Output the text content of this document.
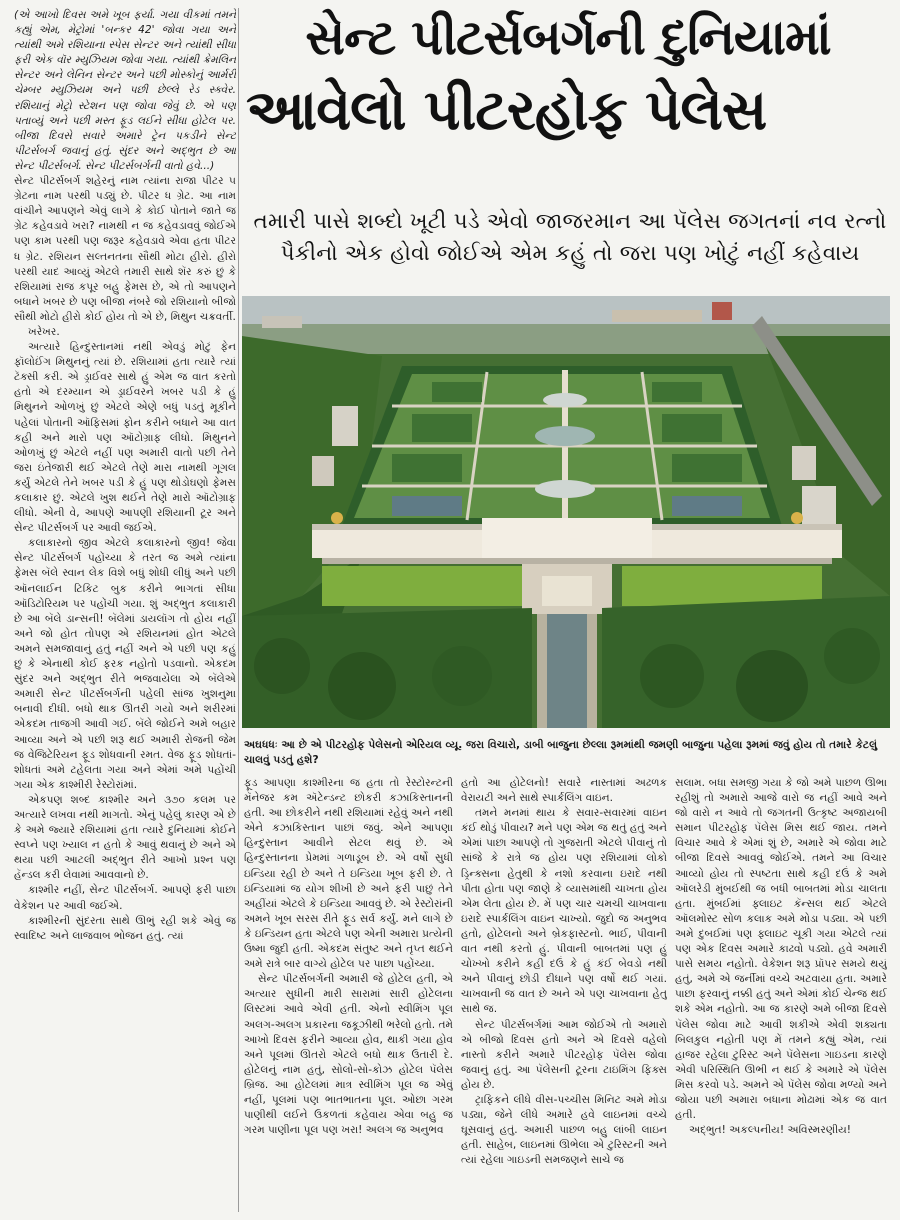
(એ આખો દિવસ અમે ખૂબ ફર્યા. ગયા વીકમાં તમને કહ્યું એમ, મેટ્રોમાં 'બન્કર 42' જોવા ગયા અને ત્યાંથી અમે રશિયાના સ્પેસ સેન્ટર અને ત્યાંથી સીધા ફરી એક વૉર મ્યુઝિયમ જોવા ગયા. ત્યાંથી ક્રેમલિન સેન્ટર અને લેનિન સેન્ટર અને પછી મોસ્કોનું આર્મરી ચેમ્બર મ્યુઝિયમ અને પછી છેલ્લે રેડ સ્ક્વેર. રશિયાનું મેટ્રો સ્ટેશન પણ જોવા જેવું છે. એ પણ પતાવ્યું અને પછી મસ્ત ફૂડ લઈને સીધા હોટેલ પર. બીજા દિવસે સવારે અમારે ટ્રેન પકડીને સેન્ટ પીટર્સબર્ગ જવાનું હતું. સુંદર અને અદ્ભુત છે આ સેન્ટ પીટર્સબર્ગ. સેન્ટ પીટર્સબર્ગની વાતો હવે...)

સેન્ટ પીટર્સબર્ગ શહેરનું નામ ત્યાંના રાજા પીટર ૫ ગ્રેટના નામ પરથી પડ્યું છે. પીટર ધ ગ્રેટ. આ નામ વાંચીને આપણને એવું લાગે કે કોઈ પોતાને જાતે જ ગ્રેટ કહેવડાવે ખરા? નામથી ન જ કહેવડાવવું જોઈએ પણ કામ પરથી પણ જરૂર કહેવડાવે એવા હતા પીટર ધ ગ્રેટ. રશિયન સલ્તનતના સૌથી મોટા હીરો. હીરો પરથી યાદ આવ્યું એટલે તમારી સાથે શૅર કરું છું કે રશિયામાં રાજ કપૂર બહુ ફેમસ છે, એ તો આપણને બધાને ખબર છે પણ બીજા નંબરે જો રશિયાનો બીજો સૌથી મોટો હીરો કોઈ હોય તો એ છે, મિથુન ચક્રવર્તી.

ખરેખર.

અત્યારે હિન્દુસ્તાનમાં નથી એવડું મોટું ફેન ફૉલોઈંગ મિથુનનું ત્યાં છે. રશિયામાં હતા ત્યારે ત્યાં ટૅક્સી કરી. એ ડ્રાઈવર સાથે હું એમ જ વાત કરતો હતો એ દરમ્યાન એ ડ્રાઈવરને ખબર પડી કે હું મિથુનને ઓળખું છું એટલે એણે બધું પડતું મૂકીને પહેલાં પોતાની ઑફિસમાં ફોન કરીને બધાને આ વાત કહી અને મારો પણ ઑટોગ્રાફ લીધો. મિથુનને ઓળખું છું એટલે નહીં પણ અમારી વાતો પછી તેને જરા ઇંતેજારી થઈ એટલે તેણે મારા નામથી ગૂગલ કર્યું એટલે તેને ખબર પડી કે હું પણ થોડોઘણો ફેમસ કલાકાર છું. એટલે ખુશ થઈને તેણે મારો ઑટોગ્રાફ લીધો. એની વે, આપણે આપણી રશિયાની ટૂર અને સેન્ટ પીટર્સબર્ગ પર આવી જઈએ.

કલાકારનો જીવ એટલે કલાકારનો જીવ! જેવા સેન્ટ પીટર્સબર્ગ પહોંચ્યા કે તરત જ અમે ત્યાંના ફેમસ બૅલે સ્વાન લેક વિશે બધું શોધી લીધું અને પછી ઑનલાઈન ટિકિટ બુક કરીને ભાગતાં સીધા ઑડિટોરિયમ પર પહોંચી ગયા. શું અદ્ભુત કલાકારી છે આ બૅલે ડાન્સની! બૅલેમાં ડાયલૉગ તો હોય નહીં અને જો હોત તોપણ એ રશિયનમાં હોત એટલે અમને સમજાવાનું હતું નહીં અને એ પછી પણ કહું છું કે એનાથી કોઈ ફરક નહોતો પડવાનો. એકદમ સુંદર અને અદ્ભુત રીતે ભજવાયેલા એ બૅલેએ અમારી સેન્ટ પીટર્સબર્ગની પહેલી સાંજ ખુશનુમા બનાવી દીધી. બધો થાક ઊતરી ગયો અને શરીરમાં એકદમ તાજગી આવી ગઈ. બૅલે જોઈને અમે બહાર આવ્યા અને એ પછી શરૂ થઈ અમારી રોજની જેમ જ વેજિટેરિયન ફૂડ શોધવાની રમત. વેજ ફૂડ શોધતાં-શોધતાં અમે ટહેલતા ગયા અને એમાં અમે પહોંચી ગયા એક કાશ્મીરી રેસ્ટોરાંમાં.

એકપણ શબ્દ કાશ્મીર અને ૩૭૦ કલમ પર અત્યારે લખવા નથી માગતો. એનું પહેલું કારણ એ છે કે અમે જ્યારે રશિયામાં હતા ત્યારે દુનિયામાં કોઈને સ્વપ્ને પણ ખ્યાલ ન હતો કે આવું થવાનું છે અને એ થયા પછી આટલી અદ્ભુત રીતે આખો પ્રશ્ન પણ હૅન્ડલ કરી લેવામાં આવવાનો છે.

કાશ્મીર નહીં, સેન્ટ પીટર્સબર્ગ. આપણે ફરી પાછા વેકેશન પર આવી જઈએ.

કાશ્મીરની સુંદરતા સાથે ઊભું રહી શકે એવું જ સ્વાદિષ્ટ અને લાજવાબ ભોજન હતું. ત્યાં

સેન્ટ પીટર્સબર્ગની દુનિયામાં
આવેલો પીટરહોફ પેલેસ
તમારી પાસે શબ્દો ખૂટી પડે એવો જાજરમાન આ પૅલેસ જગતનાં નવ રત્નો
પૈકીનો એક હોવો જોઈએ એમ કહું તો જરા પણ ખોટું નહીં કહેવાય
અઘધધઃ આ છે એ પીટરહોફ પેલેસનો એરિયલ વ્યૂ. જરા વિચારો, ડાબી બાજુના છેલ્લા રૂમમાંથી જમણી બાજુના પહેલા રૂમમાં જવું હોય તો તમારે કેટલું ચાલવું પડતું હશે?

ફૂડ આપણા કાશ્મીરના જ હતા તો રેસ્ટોરન્ટની મૅનેજર કમ ઍટેન્ડન્ટ છોકરી કઝાકિસ્તાનની હતી. આ છોકરીને નથી રશિયામાં રહેવું અને નથી એને કઝાકિસ્તાન પાછાં જવું. એને આપણા હિન્દુસ્તાન આવીને સેટલ થવું છે. એ હિન્દુસ્તાનના પ્રેમમાં ગળાડૂબ છે. એ વર્ષો સુધી ઇન્ડિયા રહી છે અને તે ઇન્ડિયા ખૂબ ફરી છે. તે ઇન્ડિયામાં જ યોગ શીખી છે અને ફરી પાછું તેને અહીંયાં એટલે કે ઇન્ડિયા આવવું છે. એ રેસ્ટોરાંની અમને ખૂબ સરસ રીતે ફૂડ સર્વ કર્યું. મને લાગે છે કે ઇન્ડિયન હતા એટલે પણ એની અમારા પ્રત્યેની ઉષ્મા જુદી હતી. એકદમ સંતુષ્ટ અને તૃપ્ત થઈને અમે રાત્રે બાર વાગ્યે હોટેલ પર પાછા પહોંચ્યા.

સેન્ટ પીટર્સબર્ગની અમારી જે હોટેલ હતી, એ અત્યાર સુધીની મારી સારામાં સારી હોટેલના લિસ્ટમાં આવે એવી હતી. એનો સ્વીમિંગ પૂલ અલગ-અલગ પ્રકારના જકૂઝીથી ભરેલો હતો. તમે આખો દિવસ ફરીને આવ્યા હોવ, થાકી ગયા હોવ અને પૂલમાં ઊતરો એટલે બધો થાક ઉતારી દે. હોટેલનું નામ હતું, સોલો-સો-કોઝ હોટેલ પૅલેસ બ્રિજ. આ હોટેલમાં માત્ર સ્વીમિંગ પૂલ જ એવું નહીં, પૂલમાં પણ ભાતભાતના પૂલ. ઓછા ગરમ પાણીથી લઈને ઉકળતાં કહેવાય એવા બહુ જ ગરમ પાણીના પૂલ પણ ખરા! અલગ જ અનુભવ

હતો આ હોટેલનો! સવારે નાસ્તામાં અઢળક વેરાયટી અને સાથે સ્પાર્કલિંગ વાઇન.

તમને મનમાં થાય કે સવાર-સવારમાં વાઇન કંઈ થોડું પીવાય? મને પણ એમ જ થતું હતું અને એમાં પાછા આપણે તો ગુજરાતી એટલે પીવાનું તો સાંજે કે રાત્રે જ હોય પણ રશિયામાં લોકો ડ્રિન્ક્સના હેતુથી કે નશો કરવાના ઇરાદે નથી પીતા હોતા પણ જાણે કે વ્યાસમાંથી ચાખતા હોય એમ લેતા હોય છે. મેં પણ ચાર ચમચી ચાખવાના ઇરાદે સ્પાર્કલિંગ વાઇન ચાખ્યો. જુદો જ અનુભવ હતો, હોટેલનો અને બ્રેકફાસ્ટનો. ભાઈ, પીવાની વાત નથી કરતો હું. પીવાની બાબતમાં પણ હું ચોખ્ખો કરીને કહી દઉં કે હું કંઈ બેવડો નથી અને પીવાનું છોડી દીધાને પણ વર્ષો થઈ ગયાં. ચાખવાની જ વાત છે અને એ પણ ચાખવાના હેતુ સાથે જ.

સેન્ટ પીટર્સબર્ગમાં આમ જોઈએ તો અમારો એ બીજો દિવસ હતો અને એ દિવસે વહેલો નાસ્તો કરીને અમારે પીટરહોફ પૅલેસ જોવા જવાનું હતું. આ પૅલેસની ટૂરના ટાઇમિંગ ફિક્સ હોય છે.

ટ્રાફિકને લીધે વીસ-પચ્ચીસ મિનિટ અમે મોડા પડ્યા, જેને લીધે અમારે હવે લાઇનમાં વચ્ચે ઘૂસવાનું હતું. અમારી પાછળ બહુ લાંબી લાઇન હતી. સાહેબ, લાઇનમાં ઊભેલા એ ટુરિસ્ટની અને ત્યાં રહેલા ગાઇડની સમજણને સાચે જ

સલામ. બધા સમજી ગયા કે જો અમે પાછળ ઊભા રહીશું તો અમારો આજે વારો જ નહીં આવે અને જો વારો ન આવે તો જગતની ઉત્કૃષ્ટ અજાયબી સમાન પીટરહોફ પૅલેસ મિસ થઈ જાય. તમને વિચાર આવે કે એમાં શું છે, અમારે એ જોવા માટે બીજા દિવસે આવવું જોઈએ. તમને આ વિચાર આવ્યો હોય તો સ્પષ્ટતા સાથે કહી દઉં કે અમે ઑલરેડી મુંબઈથી જ બધી બાબતમાં મોડા ચાલતા હતા. મુંબઈમાં ફ્લાઇટ કૅન્સલ થઈ એટલે ઑલમોસ્ટ સોળ કલાક અમે મોડા પડ્યા. એ પછી અમે દુબઈમાં પણ ફ્લાઇટ ચૂકી ગયા એટલે ત્યાં પણ એક દિવસ અમારે કાઢવો પડ્યો. હવે અમારી પાસે સમય નહોતો. વેકેશન શરૂ પ્રૉપર સમયે થયું હતું, અમે એ જર્નીમાં વચ્ચે અટવાયા હતા. અમારે પાછા ફરવાનું નક્કી હતું અને એમાં કોઈ ચેન્જ થઈ શકે એમ નહોતો. આ જ કારણે અમે બીજા દિવસે પૅલેસ જોવા માટે આવી શકીએ એવી શક્યતા બિલકુલ નહોતી પણ મેં તમને કહ્યું એમ, ત્યાં હાજર રહેલા ટુરિસ્ટ અને પૅલેસના ગાઇડના કારણે એવી પરિસ્થિતિ ઊભી ન થઈ કે અમારે એ પૅલેસ મિસ કરવો પડે. અમને એ પૅલેસ જોવા મળ્યો અને જોયા પછી અમારા બધાના મોઢામાં એક જ વાત હતી.

અદ્ભુત! અકલ્પનીય! અવિસ્મરણીય!
